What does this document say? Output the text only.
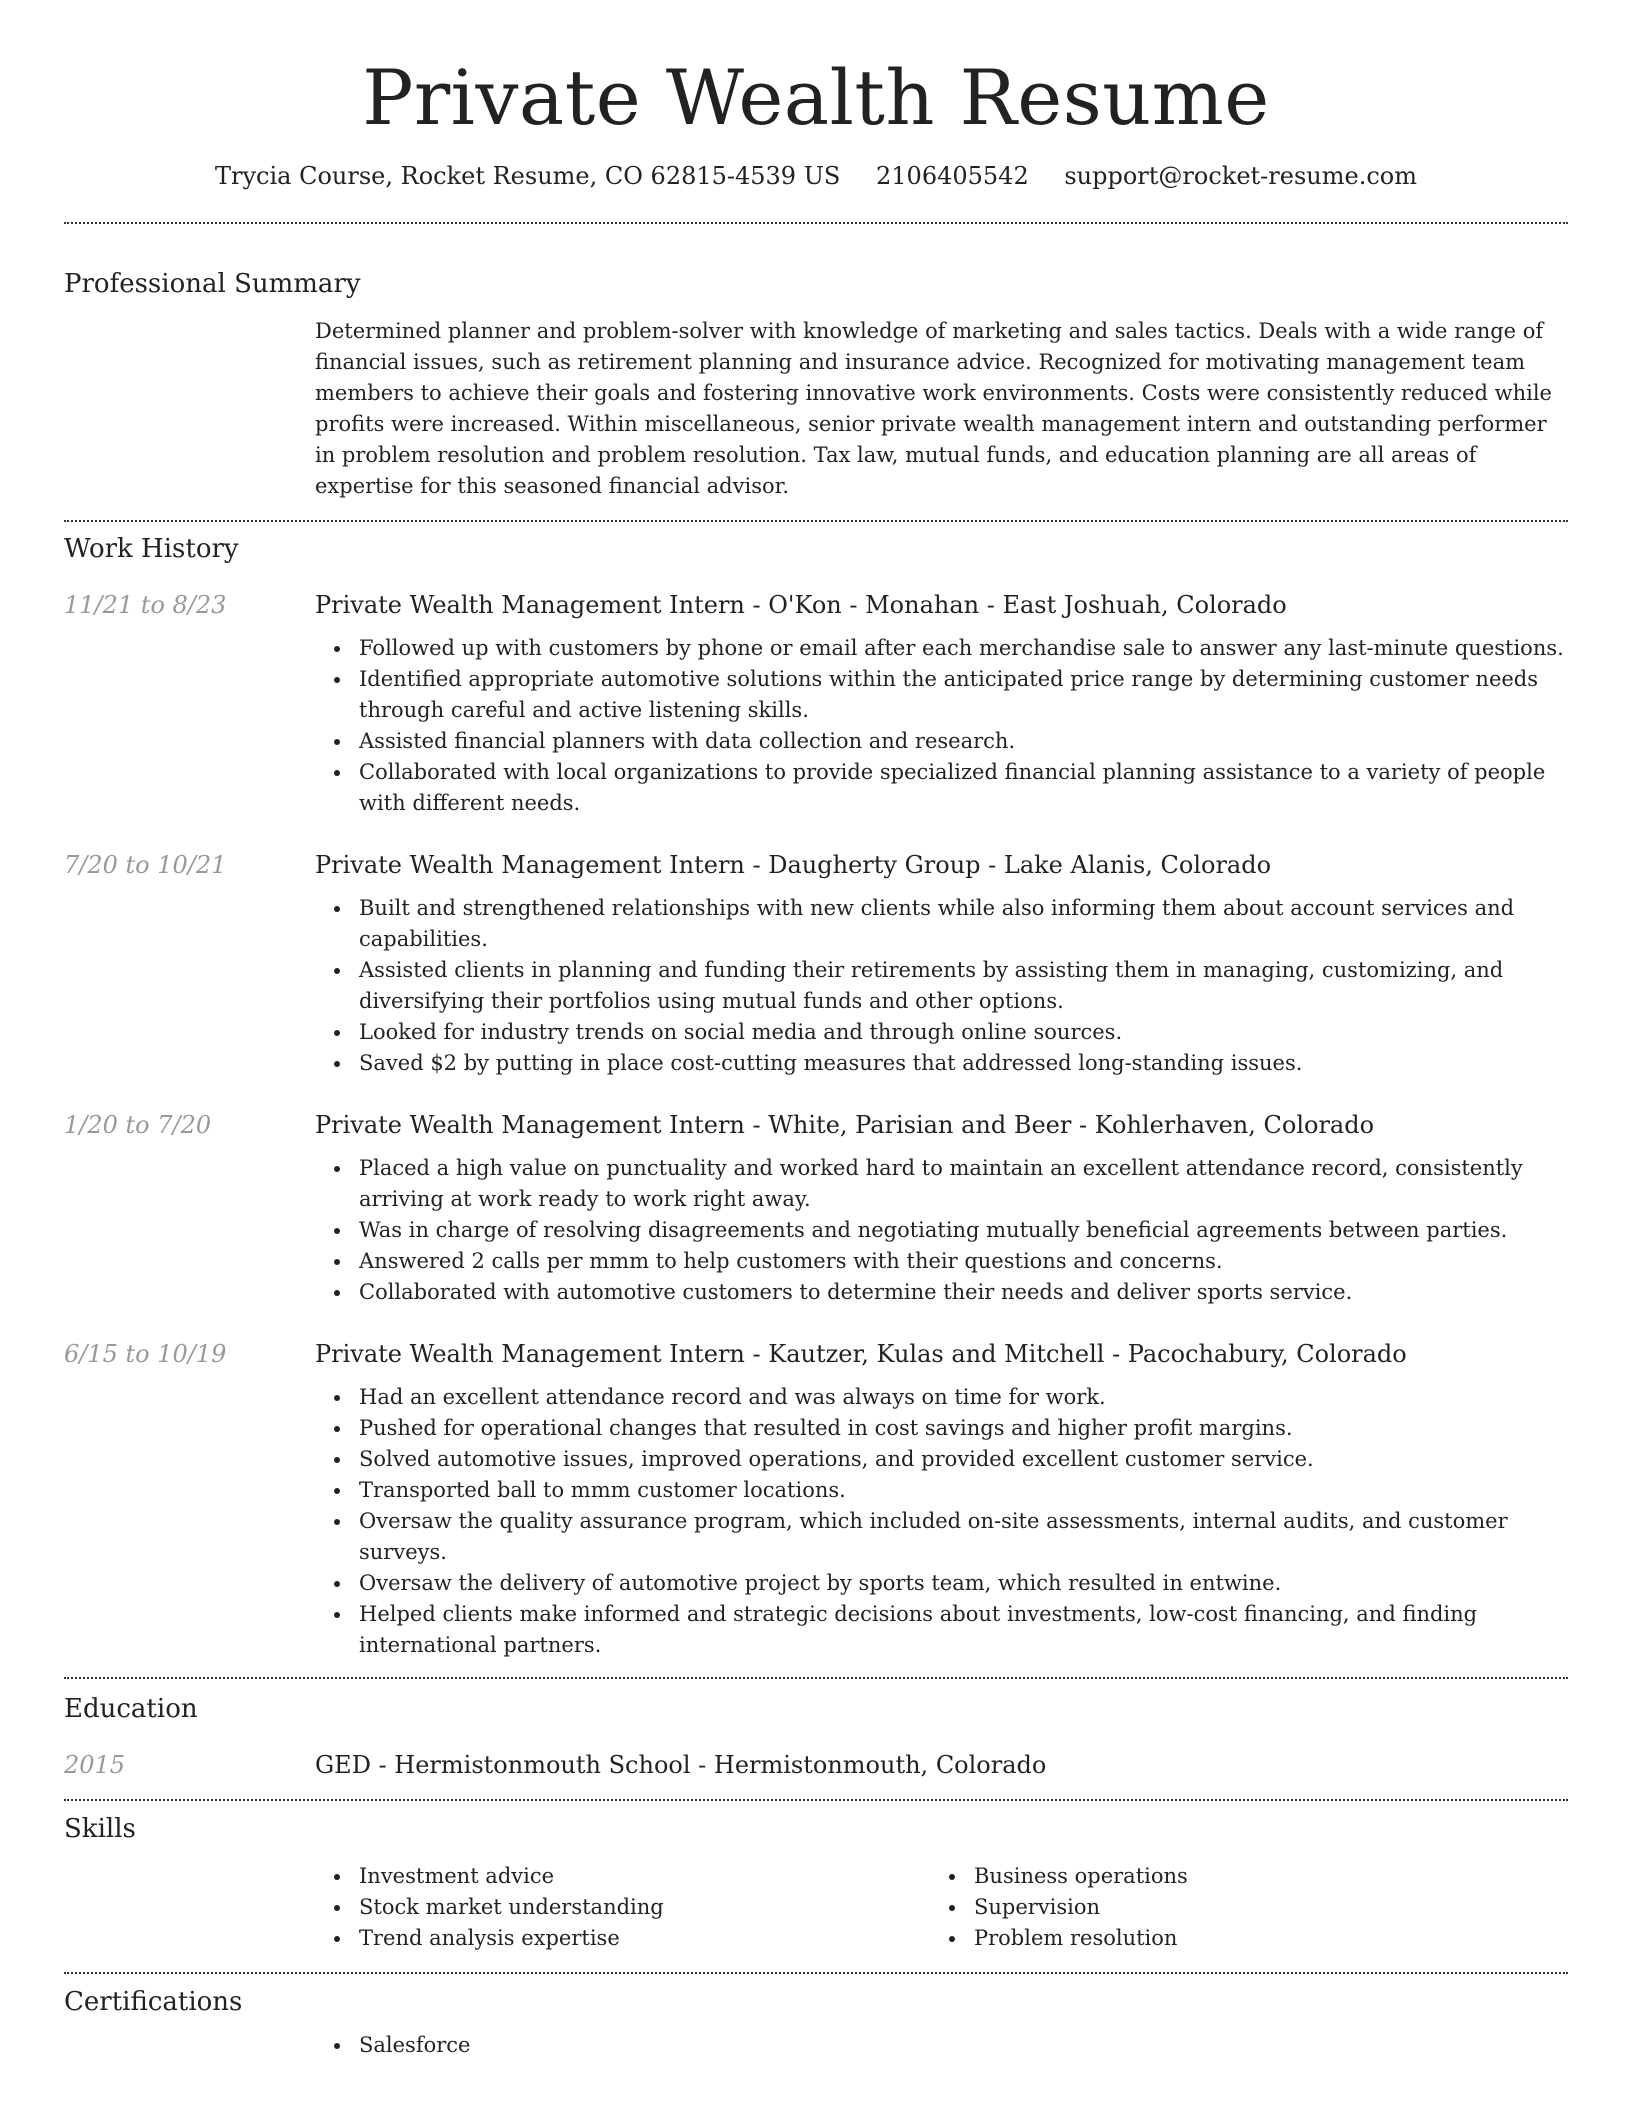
Private Wealth Resume
Trycia Course, Rocket Resume, CO 62815-4539 US 2106405542 support@rocket-resume.com
Professional Summary
Determined planner and problem-solver with knowledge of marketing and sales tactics. Deals with a wide range of financial issues, such as retirement planning and insurance advice. Recognized for motivating management team members to achieve their goals and fostering innovative work environments. Costs were consistently reduced while profits were increased. Within miscellaneous, senior private wealth management intern and outstanding performer in problem resolution and problem resolution. Tax law, mutual funds, and education planning are all areas of expertise for this seasoned financial advisor.
Work History
11/21 to 8/23	Private Wealth Management Intern - O'Kon - Monahan - East Joshuah, Colorado
Followed up with customers by phone or email after each merchandise sale to answer any last-minute questions.
Identified appropriate automotive solutions within the anticipated price range by determining customer needs through careful and active listening skills.
Assisted financial planners with data collection and research.
Collaborated with local organizations to provide specialized financial planning assistance to a variety of people with different needs.
7/20 to 10/21	Private Wealth Management Intern - Daugherty Group - Lake Alanis, Colorado
Built and strengthened relationships with new clients while also informing them about account services and capabilities.
Assisted clients in planning and funding their retirements by assisting them in managing, customizing, and diversifying their portfolios using mutual funds and other options.
Looked for industry trends on social media and through online sources.
Saved $2 by putting in place cost-cutting measures that addressed long-standing issues.
1/20 to 7/20	Private Wealth Management Intern - White, Parisian and Beer - Kohlerhaven, Colorado
Placed a high value on punctuality and worked hard to maintain an excellent attendance record, consistently arriving at work ready to work right away.
Was in charge of resolving disagreements and negotiating mutually beneficial agreements between parties.
Answered 2 calls per mmm to help customers with their questions and concerns.
Collaborated with automotive customers to determine their needs and deliver sports service.
6/15 to 10/19	Private Wealth Management Intern - Kautzer, Kulas and Mitchell - Pacochabury, Colorado
Had an excellent attendance record and was always on time for work.
Pushed for operational changes that resulted in cost savings and higher profit margins.
Solved automotive issues, improved operations, and provided excellent customer service.
Transported ball to mmm customer locations.
Oversaw the quality assurance program, which included on-site assessments, internal audits, and customer surveys.
Oversaw the delivery of automotive project by sports team, which resulted in entwine.
Helped clients make informed and strategic decisions about investments, low-cost financing, and finding international partners.
Education
2015	GED - Hermistonmouth School - Hermistonmouth, Colorado
Skills
Investment advice
Stock market understanding
Trend analysis expertise
Business operations
Supervision
Problem resolution
Certifications
Salesforce
